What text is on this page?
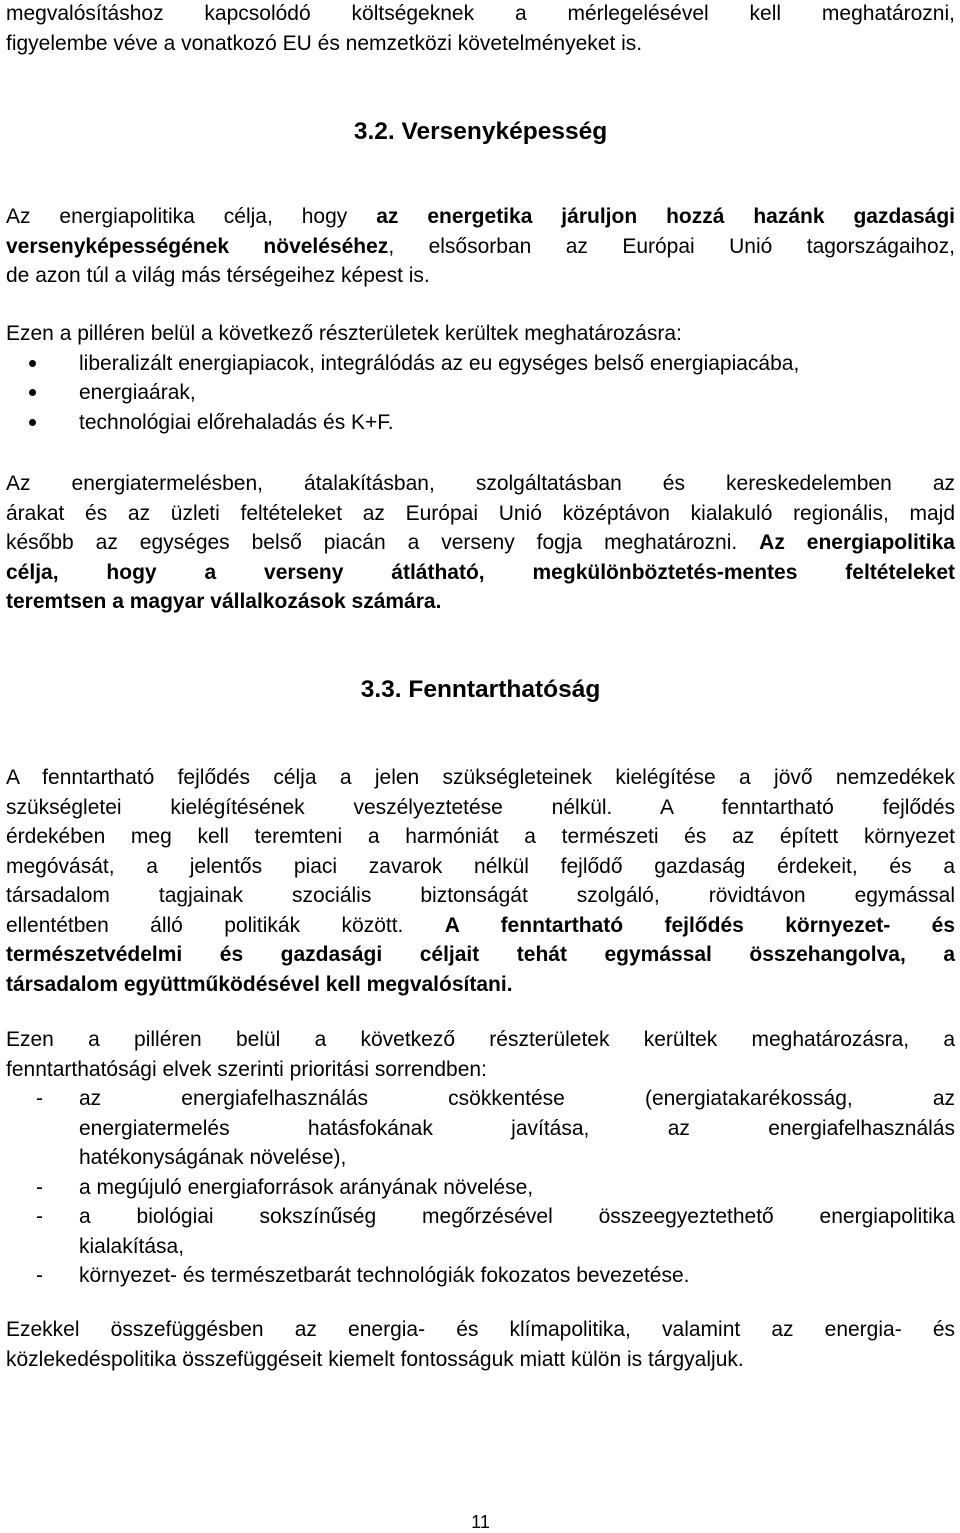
megvalósításhoz kapcsolódó költségeknek a mérlegelésével kell meghatározni,
figyelembe véve a vonatkozó EU és nemzetközi követelményeket is.

3.2. Versenyképesség

Az energiapolitika célja, hogy az energetika járuljon hozzá hazánk gazdasági
versenyképességének növeléséhez, elsősorban az Európai Unió tagországaihoz,
de azon túl a világ más térségeihez képest is.

Ezen a pilléren belül a következő részterületek kerültek meghatározásra:

liberalizált energiapiacok, integrálódás az eu egységes belső energiapiacába,
energiaárak,
technológiai előrehaladás és K+F.

Az energiatermelésben, átalakításban, szolgáltatásban és kereskedelemben az
árakat és az üzleti feltételeket az Európai Unió középtávon kialakuló regionális, majd
később az egységes belső piacán a verseny fogja meghatározni. Az energiapolitika
célja, hogy a verseny átlátható, megkülönböztetés-mentes feltételeket
teremtsen a magyar vállalkozások számára.

3.3. Fenntarthatóság

A fenntartható fejlődés célja a jelen szükségleteinek kielégítése a jövő nemzedékek
szükségletei kielégítésének veszélyeztetése nélkül. A fenntartható fejlődés
érdekében meg kell teremteni a harmóniát a természeti és az épített környezet
megóvását, a jelentős piaci zavarok nélkül fejlődő gazdaság érdekeit, és a
társadalom tagjainak szociális biztonságát szolgáló, rövidtávon egymással
ellentétben álló politikák között. A fenntartható fejlődés környezet- és
természetvédelmi és gazdasági céljait tehát egymással összehangolva, a
társadalom együttműködésével kell megvalósítani.

Ezen a pilléren belül a következő részterületek kerültek meghatározásra, a
fenntarthatósági elvek szerinti prioritási sorrendben:

- az energiafelhasználás csökkentése (energiatakarékosság, az
energiatermelés hatásfokának javítása, az energiafelhasználás
hatékonyságának növelése),
- a megújuló energiaforrások arányának növelése,
- a biológiai sokszínűség megőrzésével összeegyeztethető energiapolitika
kialakítása,
- környezet- és természetbarát technológiák fokozatos bevezetése.

Ezekkel összefüggésben az energia- és klímapolitika, valamint az energia- és
közlekedéspolitika összefüggéseit kiemelt fontosságuk miatt külön is tárgyaljuk.

11
